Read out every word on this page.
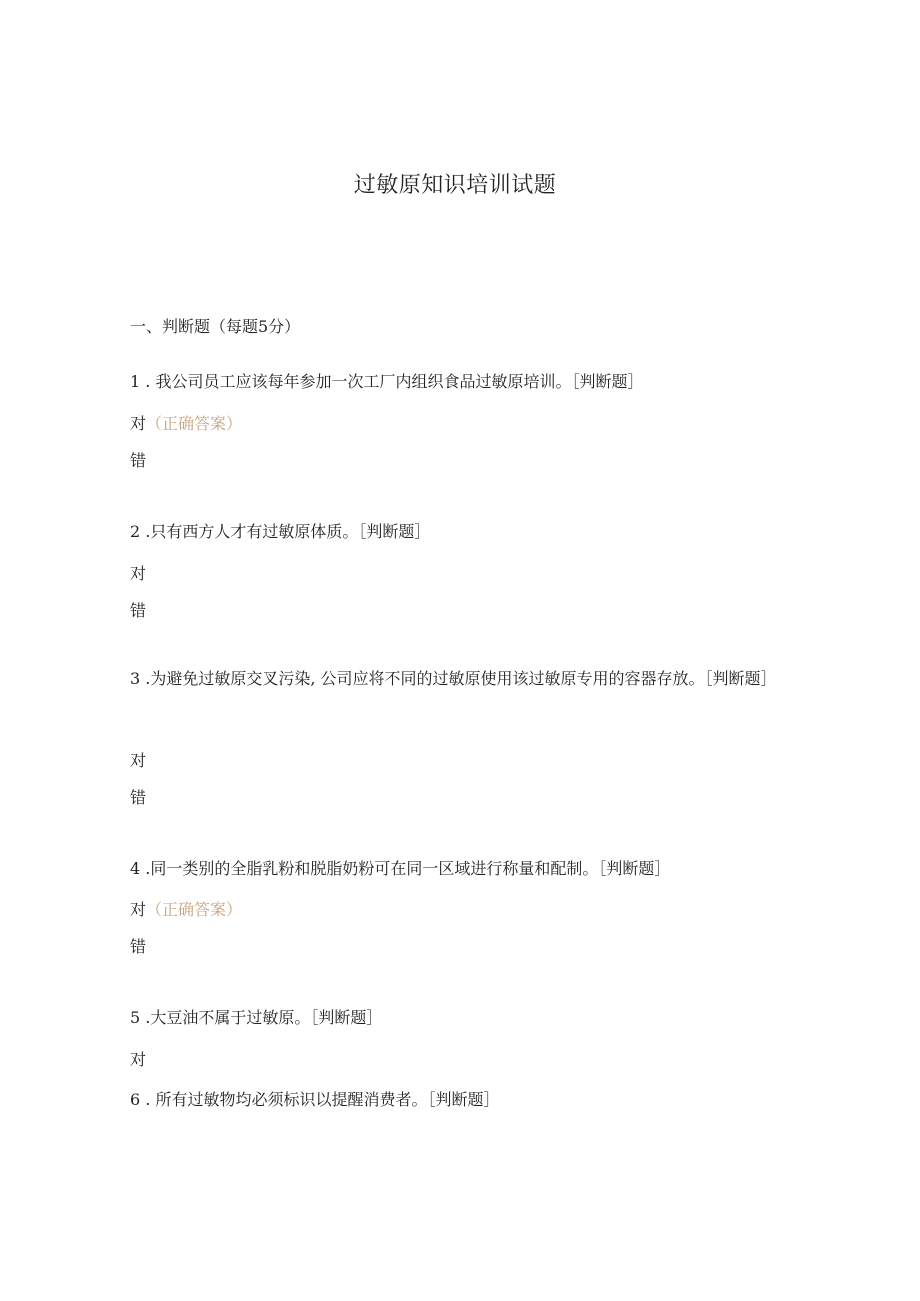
过敏原知识培训试题
一、判断题（每题5分）
1 . 我公司员工应该每年参加一次工厂内组织食品过敏原培训。［判断题］
对（正确答案）
错
2 .只有西方人才有过敏原体质。［判断题］
对
错
3 .为避免过敏原交叉污染, 公司应将不同的过敏原使用该过敏原专用的容器存放。［判断题］
对
错
4 .同一类别的全脂乳粉和脱脂奶粉可在同一区域进行称量和配制。［判断题］
对（正确答案）
错
5 .大豆油不属于过敏原。［判断题］
对
6 . 所有过敏物均必须标识以提醒消费者。［判断题］
